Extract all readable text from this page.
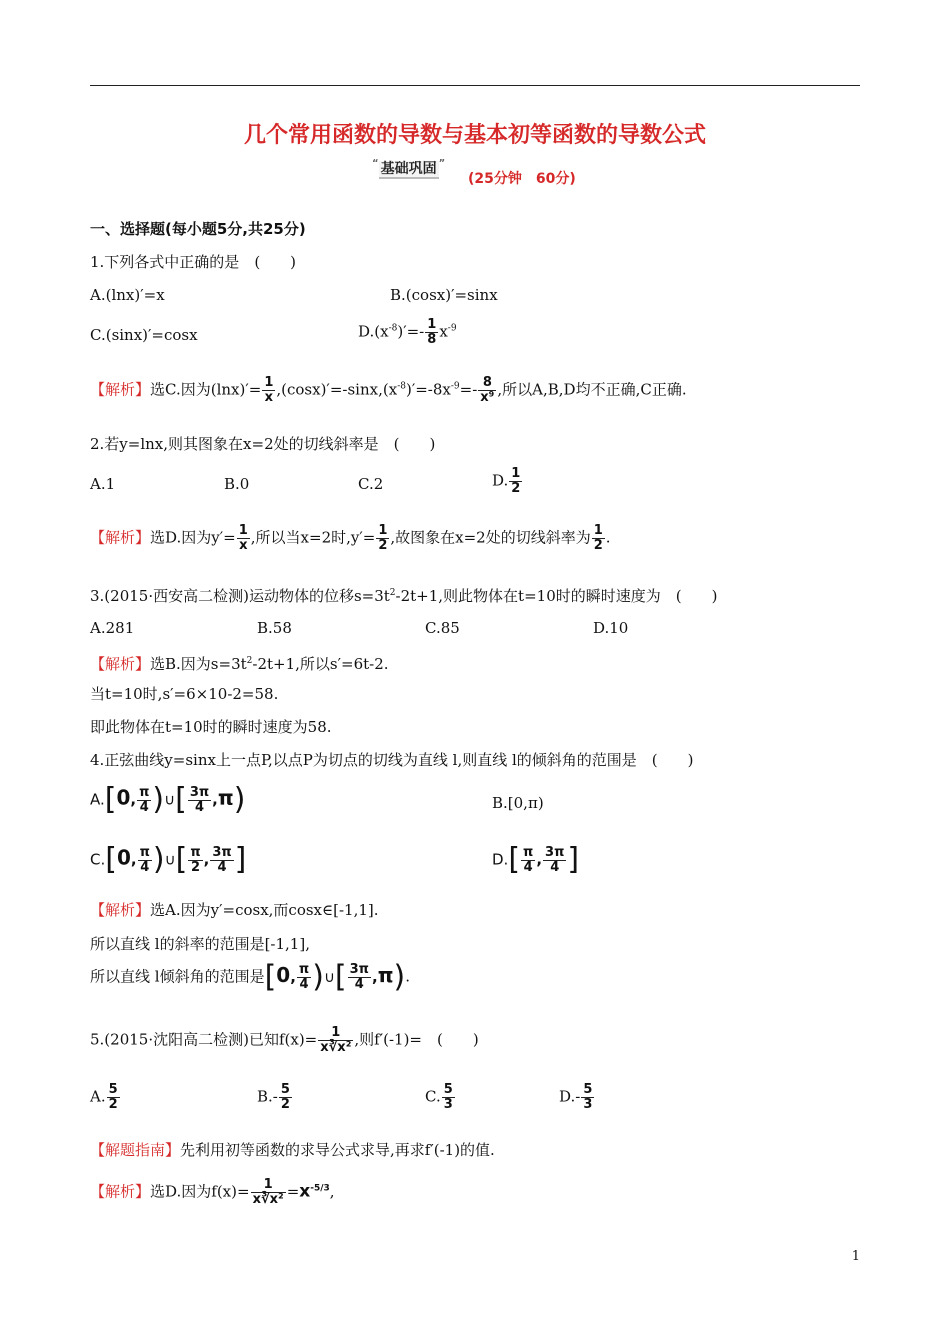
几个常用函数的导数与基本初等函数的导数公式
“ 基础巩固 ”
(25分钟　60分)
一、选择题(每小题5分,共25分)
1.下列各式中正确的是　(　　)
A.(lnx)′=x	B.(cosx)′=sinx
C.(sinx)′=cosx	$D.(x^{-8})'=- \frac{1}{8} x^{-9}$
【解析】选C.因为$(\ln x)'= \frac{1}{x} ,(\cos x)'=-\sin x,(x^{-8})'=-8x^{-9}=- \frac{8}{\text{x⁹}}$ ,所以A,B,D均不正确,C正确.
2.若y=lnx,则其图象在x=2处的切线斜率是　(　　)
A.1	B.0	C.2	D. $\frac{1}{2}$
【解析】选D.因为$y'= \frac{1}{x}$ ,所以当x=2时$,y'= \frac{1}{2}$ ,故图象在x=2处的切线斜率为 $\frac{1}{2}$ .
3.(2015·西安高二检测)运动物体的位移$s=3t^2-2t+1$,则此物体在t=10时的瞬时速度为　(　　)
A.281	B.58	C.85	D.10
【解析】选B.因为$s=3t^2-2t+1$,所以s′=6t-2.
当t=10时,s′=6×10-2=58.
即此物体在t=10时的瞬时速度为58.
4.正弦曲线y=sinx上一点P,以点P为切点的切线为直线 l,则直线 l的倾斜角的范围是　(　　)
A.[0, $\frac{\pi}{4}$ )∪[ $\frac{3\pi}{4} ,\pi$)	B.[0,π)
C.[0, $\frac{\pi}{4}$ )∪[ $\frac{\pi}{2}$ , $\frac{3\pi}{4}$ ]	$D.[ \frac{\pi}{4}$ , $\frac{3\pi}{4}$ ]
【解析】选A.因为y′=cosx,而cosx∈[-1,1].
所以直线 l的斜率的范围是[-1,1],
所以直线 l倾斜角的范围是[0, $\frac{\pi}{4}$ )∪[ $\frac{3\pi}{4} ,\pi$).
5.(2015·沈阳高二检测)已知$f(x)= \frac{1}{\text{x∛x²}}$ ,则f′(-1)=　(　　)
A. $\frac{5}{2}$	$B.- \frac{5}{2}$	C. $\frac{5}{3}$	$D.- \frac{5}{3}$
【解题指南】先利用初等函数的求导公式求导,再求f′(-1)的值.
【解析】选D.因为$f(x)= \frac{1}{\text{x∛x²}} =x^{-5/3}$,
1
